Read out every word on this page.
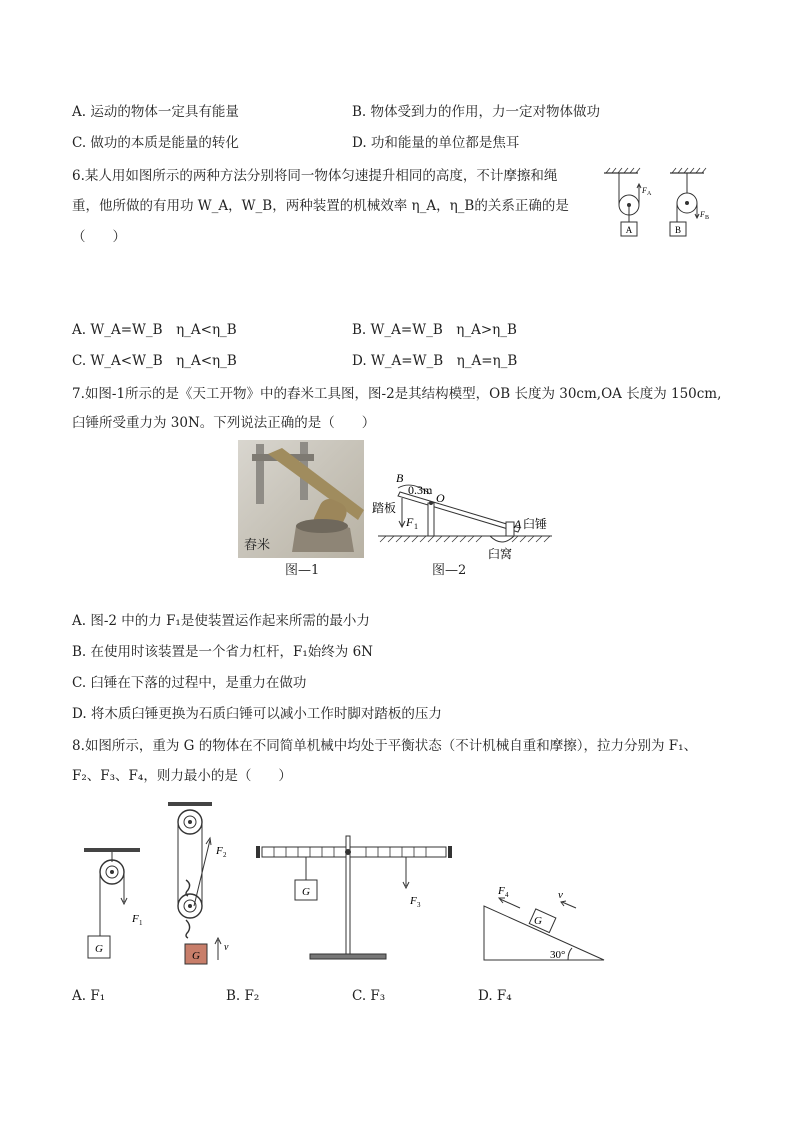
A. 运动的物体一定具有能量	B. 物体受到力的作用，力一定对物体做功
C. 做功的本质是能量的转化	D. 功和能量的单位都是焦耳
6.某人用如图所示的两种方法分别将同一物体匀速提升相同的高度，不计摩擦和绳
重，他所做的有用功 W_A，W_B，两种装置的机械效率 η_A，η_B的关系正确的是
（　　）	A	B
F A
F B
A. W_A=W_B　η_A<η_B	B. W_A=W_B　η_A>η_B
C. W_A<W_B　η_A<η_B	D. W_A=W_B　η_A=η_B
7.如图-1所示的是《天工开物》中的舂米工具图，图-2是其结构模型，OB 长度为 30cm,OA 长度为 150cm,
臼锤所受重力为 30N。下列说法正确的是（　　）
舂米
图—1
B
0.3m
O
踏板
F 1	A 臼锤
臼窝
图—2
A. 图-2 中的力 F₁是使装置运作起来所需的最小力
B. 在使用时该装置是一个省力杠杆，F₁始终为 6N
C. 臼锤在下落的过程中，是重力在做功
D. 将木质臼锤更换为石质臼锤可以减小工作时脚对踏板的压力
8.如图所示，重为 G 的物体在不同简单机械中均处于平衡状态（不计机械自重和摩擦），拉力分别为 F₁、
F₂、F₃、F₄，则力最小的是（　　）
G
F 1
G
v
F 2
G
F 3
G
F 4	v
30°
A. F₁	B. F₂	C. F₃	D. F₄
